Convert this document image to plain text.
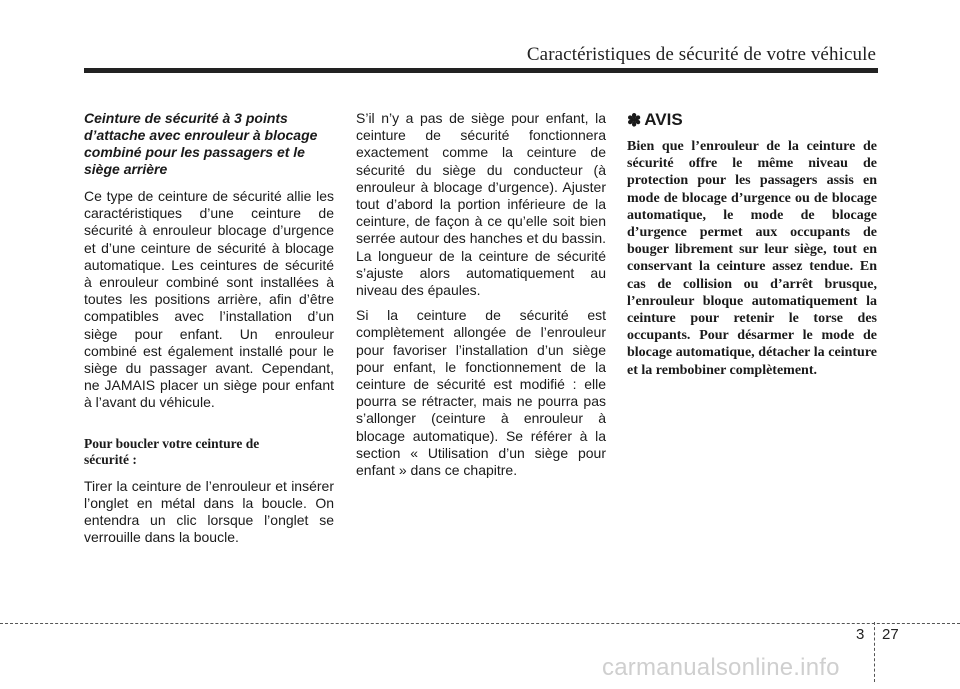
Caractéristiques de sécurité de votre véhicule

Ceinture de sécurité à 3 points d’attache avec enrouleur à blocage combiné pour les passagers et le siège arrière

Ce type de ceinture de sécurité allie les caractéristiques d’une ceinture de sécurité à enrouleur blocage d’urgence et d’une ceinture de sécurité à blocage automatique. Les ceintures de sécurité à enrouleur combiné sont installées à toutes les positions arrière, afin d’être compatibles avec l’installation d’un siège pour enfant. Un enrouleur combiné est également installé pour le siège du passager avant. Cependant, ne JAMAIS placer un siège pour enfant à l’avant du véhicule.

Pour boucler votre ceinture de sécurité :

Tirer la ceinture de l’enrouleur et insérer l’onglet en métal dans la boucle. On entendra un clic lorsque l’onglet se verrouille dans la boucle.

S’il n’y a pas de siège pour enfant, la ceinture de sécurité fonctionnera exactement comme la ceinture de sécurité du siège du conducteur (à enrouleur à blocage d’urgence). Ajuster tout d’abord la portion inférieure de la ceinture, de façon à ce qu’elle soit bien serrée autour des hanches et du bassin. La longueur de la ceinture de sécurité s’ajuste alors automatiquement au niveau des épaules.

Si la ceinture de sécurité est complètement allongée de l’enrouleur pour favoriser l’installation d’un siège pour enfant, le fonctionnement de la ceinture de sécurité est modifié : elle pourra se rétracter, mais ne pourra pas s’allonger (ceinture à enrouleur à blocage automatique). Se référer à la section « Utilisation d’un siège pour enfant » dans ce chapitre.

✽ AVIS

Bien que l’enrouleur de la ceinture de sécurité offre le même niveau de protection pour les passagers assis en mode de blocage d’urgence ou de blocage automatique, le mode de blocage d’urgence permet aux occupants de bouger librement sur leur siège, tout en conservant la ceinture assez tendue. En cas de collision ou d’arrêt brusque, l’enrouleur bloque automatiquement la ceinture pour retenir le torse des occupants. Pour désarmer le mode de blocage automatique, détacher la ceinture et la rembobiner complètement.

3 27
carmanualsonline.info
